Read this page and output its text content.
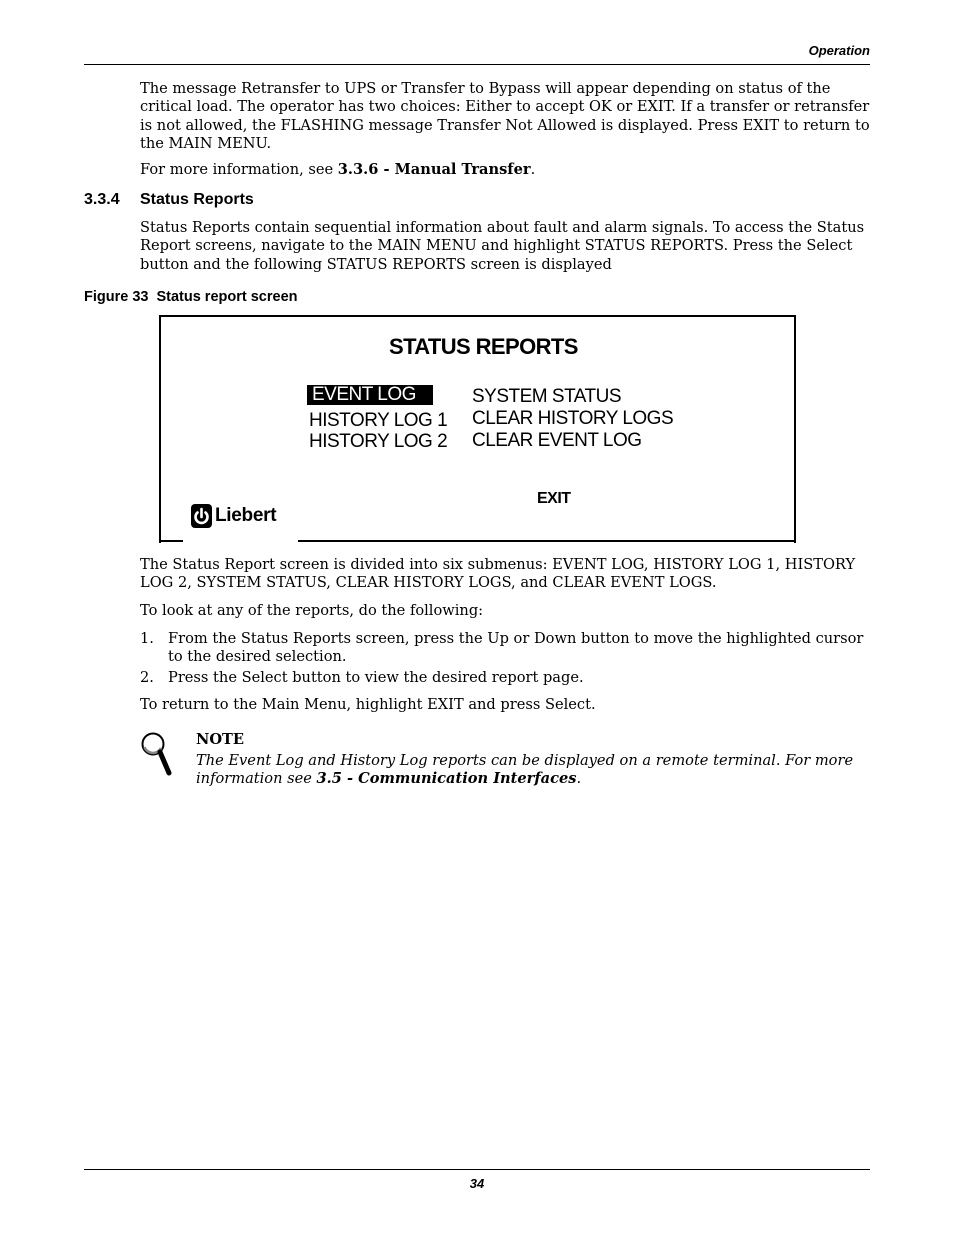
Operation

The message Retransfer to UPS or Transfer to Bypass will appear depending on status of the critical load. The operator has two choices: Either to accept OK or EXIT. If a transfer or retransfer is not allowed, the FLASHING message Transfer Not Allowed is displayed. Press EXIT to return to the MAIN MENU.

For more information, see 3.3.6 - Manual Transfer.

3.3.4 Status Reports

Status Reports contain sequential information about fault and alarm signals. To access the Status Report screens, navigate to the MAIN MENU and highlight STATUS REPORTS. Press the Select button and the following STATUS REPORTS screen is displayed

Figure 33 Status report screen
STATUS REPORTS
EVENT LOG
HISTORY LOG 1
HISTORY LOG 2
SYSTEM STATUS
CLEAR HISTORY LOGS
CLEAR EVENT LOG
EXIT
Liebert

The Status Report screen is divided into six submenus: EVENT LOG, HISTORY LOG 1, HISTORY LOG 2, SYSTEM STATUS, CLEAR HISTORY LOGS, and CLEAR EVENT LOGS.

To look at any of the reports, do the following:

1. From the Status Reports screen, press the Up or Down button to move the highlighted cursor to the desired selection.
2. Press the Select button to view the desired report page.

To return to the Main Menu, highlight EXIT and press Select.

NOTE
The Event Log and History Log reports can be displayed on a remote terminal. For more information see 3.5 - Communication Interfaces.
34
